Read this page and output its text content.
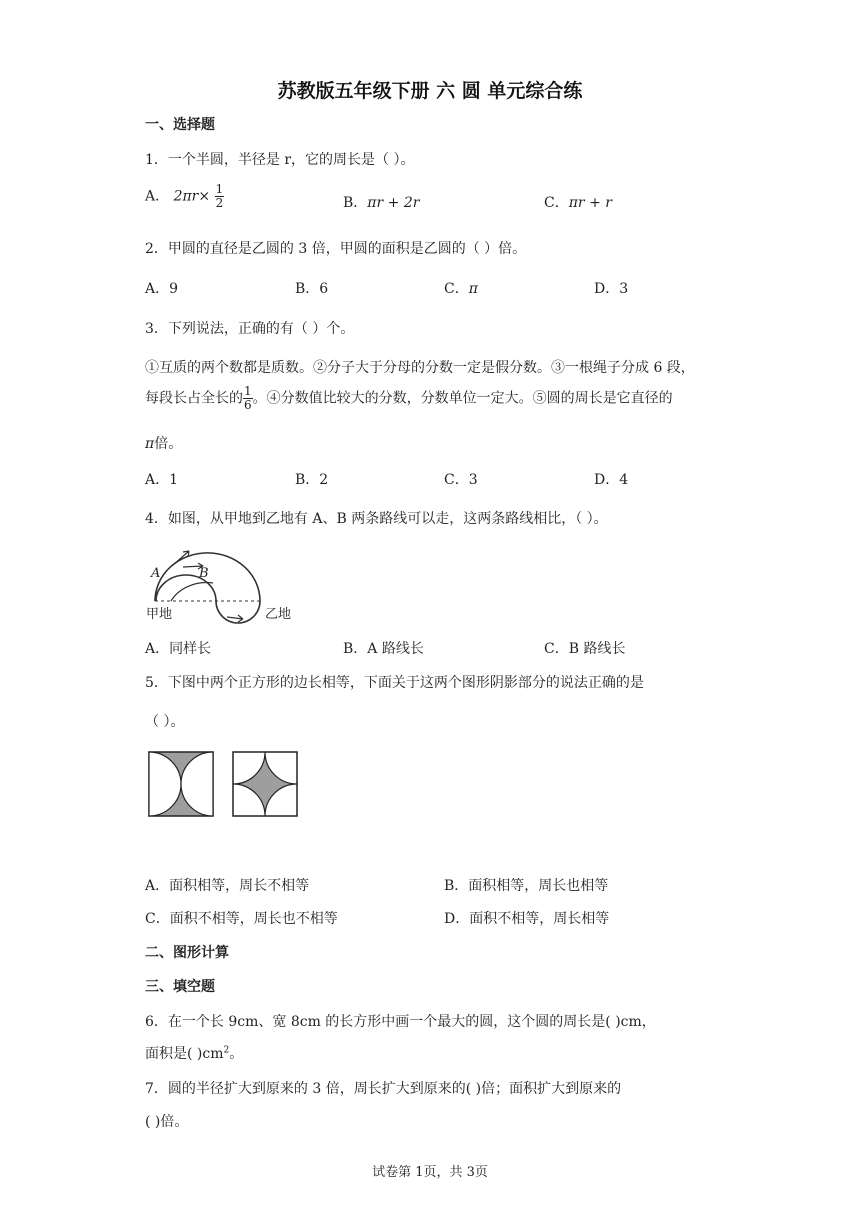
苏教版五年级下册 六 圆 单元综合练
一、选择题
1．一个半圆，半径是 r，它的周长是（ ）。
A． $2\pi r\times \frac{1}{2}$	B．πr + 2r	C．πr + r
2．甲圆的直径是乙圆的 3 倍，甲圆的面积是乙圆的（ ）倍。
A．9	B．6	C．π	D．3
3．下列说法，正确的有（ ）个。
①互质的两个数都是质数。②分子大于分母的分数一定是假分数。③一根绳子分成 6 段，
每段长占全长的 $\frac{1}{6}$ 。④分数值比较大的分数，分数单位一定大。⑤圆的周长是它直径的
π倍。
A．1	B．2	C．3	D．4
4．如图，从甲地到乙地有 A、B 两条路线可以走，这两条路线相比，（ ）。
A	B
甲地	乙地
A．同样长	B．A 路线长	C．B 路线长
5．下图中两个正方形的边长相等，下面关于这两个图形阴影部分的说法正确的是
（ ）。
A．面积相等，周长不相等	B．面积相等，周长也相等
C．面积不相等，周长也不相等	D．面积不相等，周长相等
二、图形计算
三、填空题
6．在一个长 9cm、宽 8cm 的长方形中画一个最大的圆，这个圆的周长是( )cm，
面积是( )$cm^2$。
7．圆的半径扩大到原来的 3 倍，周长扩大到原来的( )倍；面积扩大到原来的
( )倍。
试卷第 1页，共 3页
